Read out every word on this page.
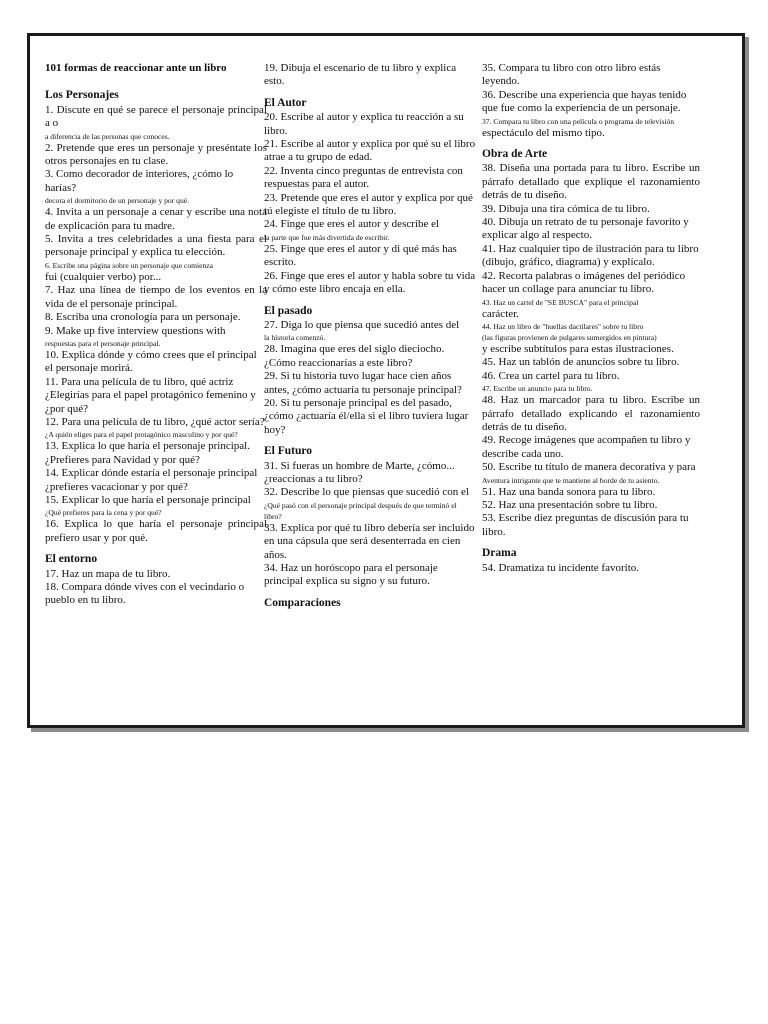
101 formas de reaccionar ante un libro
Los Personajes
1. Discute en qué se parece el personaje principal a o
a diferencia de las personas que conoces.
2. Pretende que eres un personaje y preséntate los otros personajes en tu clase.
3. Como decorador de interiores, ¿cómo lo harías?
decora el dormitorio de un personaje y por qué.
4. Invita a un personaje a cenar y escribe una nota de explicación para tu madre.
5. Invita a tres celebridades a una fiesta para el personaje principal y explica tu elección.
6. Escribe una página sobre un personaje que comienza
fui (cualquier verbo) por...
7. Haz una línea de tiempo de los eventos en la vida de el personaje principal.
8. Escriba una cronología para un personaje.
9. Make up five interview questions with
respuestas para el personaje principal.
10. Explica dónde y cómo crees que el principal el personaje morirá.
11. Para una película de tu libro, qué actriz ¿Elegirías para el papel protagónico femenino y ¿por qué?
12. Para una película de tu libro, ¿qué actor sería?
¿A quién eliges para el papel protagónico masculino y por qué?
13. Explica lo que haría el personaje principal. ¿Prefieres para Navidad y por qué?
14. Explicar dónde estaría el personaje principal ¿prefieres vacacionar y por qué?
15. Explicar lo que haría el personaje principal
¿Qué prefieres para la cena y por qué?
16. Explica lo que haría el personaje principal prefiero usar y por qué.
El entorno
17. Haz un mapa de tu libro.
18. Compara dónde vives con el vecindario o pueblo en tu libro.
19. Dibuja el escenario de tu libro y explica esto.
El Autor
20. Escribe al autor y explica tu reacción a su libro.
21. Escribe al autor y explica por qué su el libro atrae a tu grupo de edad.
22. Inventa cinco preguntas de entrevista con respuestas para el autor.
23. Pretende que eres el autor y explica por qué tú elegiste el título de tu libro.
24. Finge que eres el autor y describe el
la parte que fue más divertida de escribir.
25. Finge que eres el autor y di qué más has escrito.
26. Finge que eres el autor y habla sobre tu vida y cómo este libro encaja en ella.
El pasado
27. Diga lo que piensa que sucedió antes del
la historia comenzó.
28. Imagina que eres del siglo dieciocho. ¿Cómo reaccionarías a este libro?
29. Si tu historia tuvo lugar hace cien años antes, ¿cómo actuaría tu personaje principal?
20. Si tu personaje principal es del pasado, ¿cómo ¿actuaría él/ella si el libro tuviera lugar hoy?
El Futuro
31. Si fueras un hombre de Marte, ¿cómo... ¿reaccionas a tu libro?
32. Describe lo que piensas que sucedió con el
¿Qué pasó con el personaje principal después de que terminó el libro?
33. Explica por qué tu libro debería ser incluido en una cápsula que será desenterrada en cien años.
34. Haz un horóscopo para el personaje principal explica su signo y su futuro.
Comparaciones
35. Compara tu libro con otro libro estás leyendo.
36. Describe una experiencia que hayas tenido que fue como la experiencia de un personaje.
37. Compara tu libro con una película o programa de televisión
espectáculo del mismo tipo.
Obra de Arte
38. Diseña una portada para tu libro. Escribe un párrafo detallado que explique el razonamiento detrás de tu diseño.
39. Dibuja una tira cómica de tu libro.
40. Dibuja un retrato de tu personaje favorito y explicar algo al respecto.
41. Haz cualquier tipo de ilustración para tu libro (dibujo, gráfico, diagrama) y explícalo.
42. Recorta palabras o imágenes del periódico hacer un collage para anunciar tu libro.
43. Haz un cartel de "SE BUSCA" para el principal
carácter.
44. Haz un libro de "huellas dactilares" sobre tu libro
(las figuras provienen de pulgares sumergidos en pintura)
y escribe subtítulos para estas ilustraciones.
45. Haz un tablón de anuncios sobre tu libro.
46. Crea un cartel para tu libro.
47. Escribe un anuncio para tu libro.
48. Haz un marcador para tu libro. Escribe un párrafo detallado explicando el razonamiento detrás de tu diseño.
49. Recoge imágenes que acompañen tu libro y describe cada uno.
50. Escribe tu título de manera decorativa y para
Aventura intrigante que te mantiene al borde de tu asiento.
51. Haz una banda sonora para tu libro.
52. Haz una presentación sobre tu libro.
53. Escribe diez preguntas de discusión para tu libro.
Drama
54. Dramatiza tu incidente favorito.
